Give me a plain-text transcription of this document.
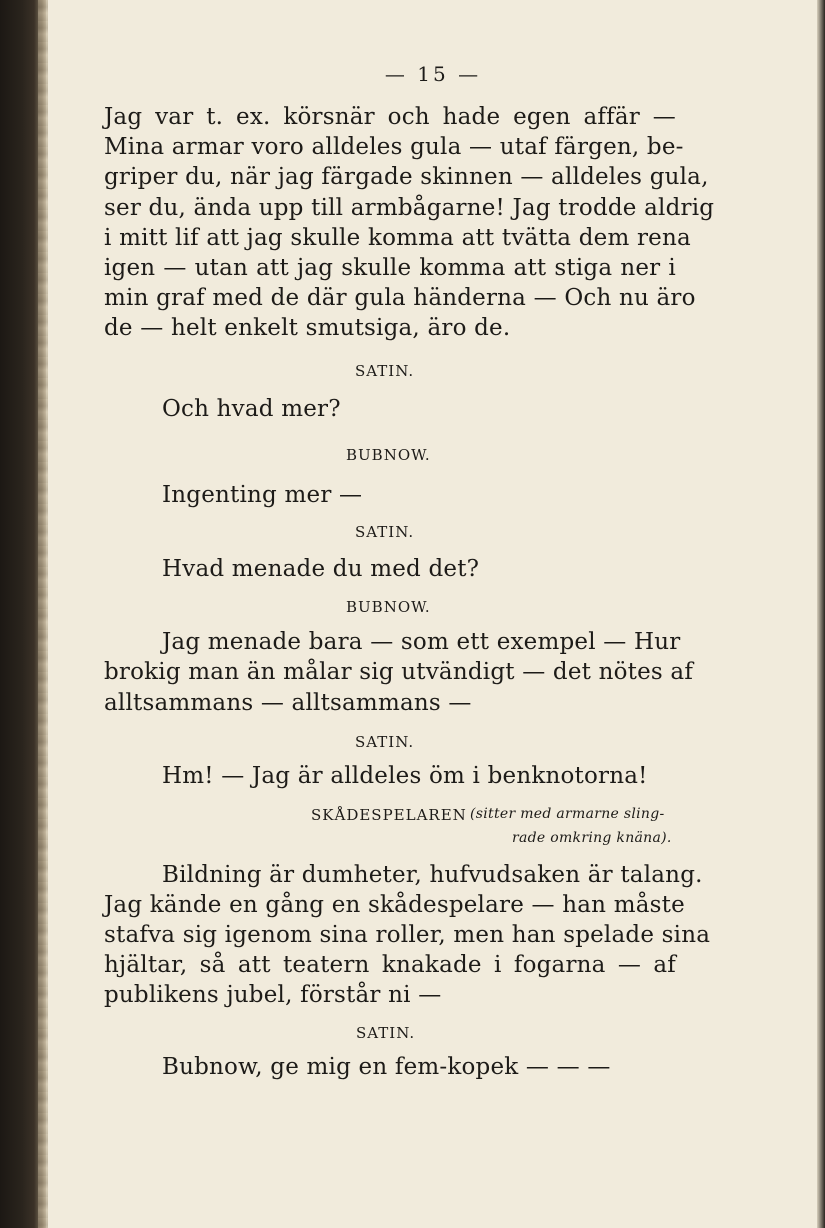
— 15 —
Jag var t. ex. körsnär och hade egen affär —
Mina armar voro alldeles gula — utaf färgen, be-
griper du, när jag färgade skinnen — alldeles gula,
ser du, ända upp till armbågarne! Jag trodde aldrig
i mitt lif att jag skulle komma att tvätta dem rena
igen — utan att jag skulle komma att stiga ner i
min graf med de där gula händerna — Och nu äro
de — helt enkelt smutsiga, äro de.
SATIN.
Och hvad mer?
BUBNOW.
Ingenting mer —
SATIN.
Hvad menade du med det?
BUBNOW.
Jag menade bara — som ett exempel — Hur
brokig man än målar sig utvändigt — det nötes af
alltsammans — alltsammans —
SATIN.
Hm! — Jag är alldeles öm i benknotorna!
SKÅDESPELAREN (sitter med armarne sling-
rade omkring knäna).
Bildning är dumheter, hufvudsaken är talang.
Jag kände en gång en skådespelare — han måste
stafva sig igenom sina roller, men han spelade sina
hjältar, så att teatern knakade i fogarna — af
publikens jubel, förstår ni —
SATIN.
Bubnow, ge mig en fem-kopek — — —
